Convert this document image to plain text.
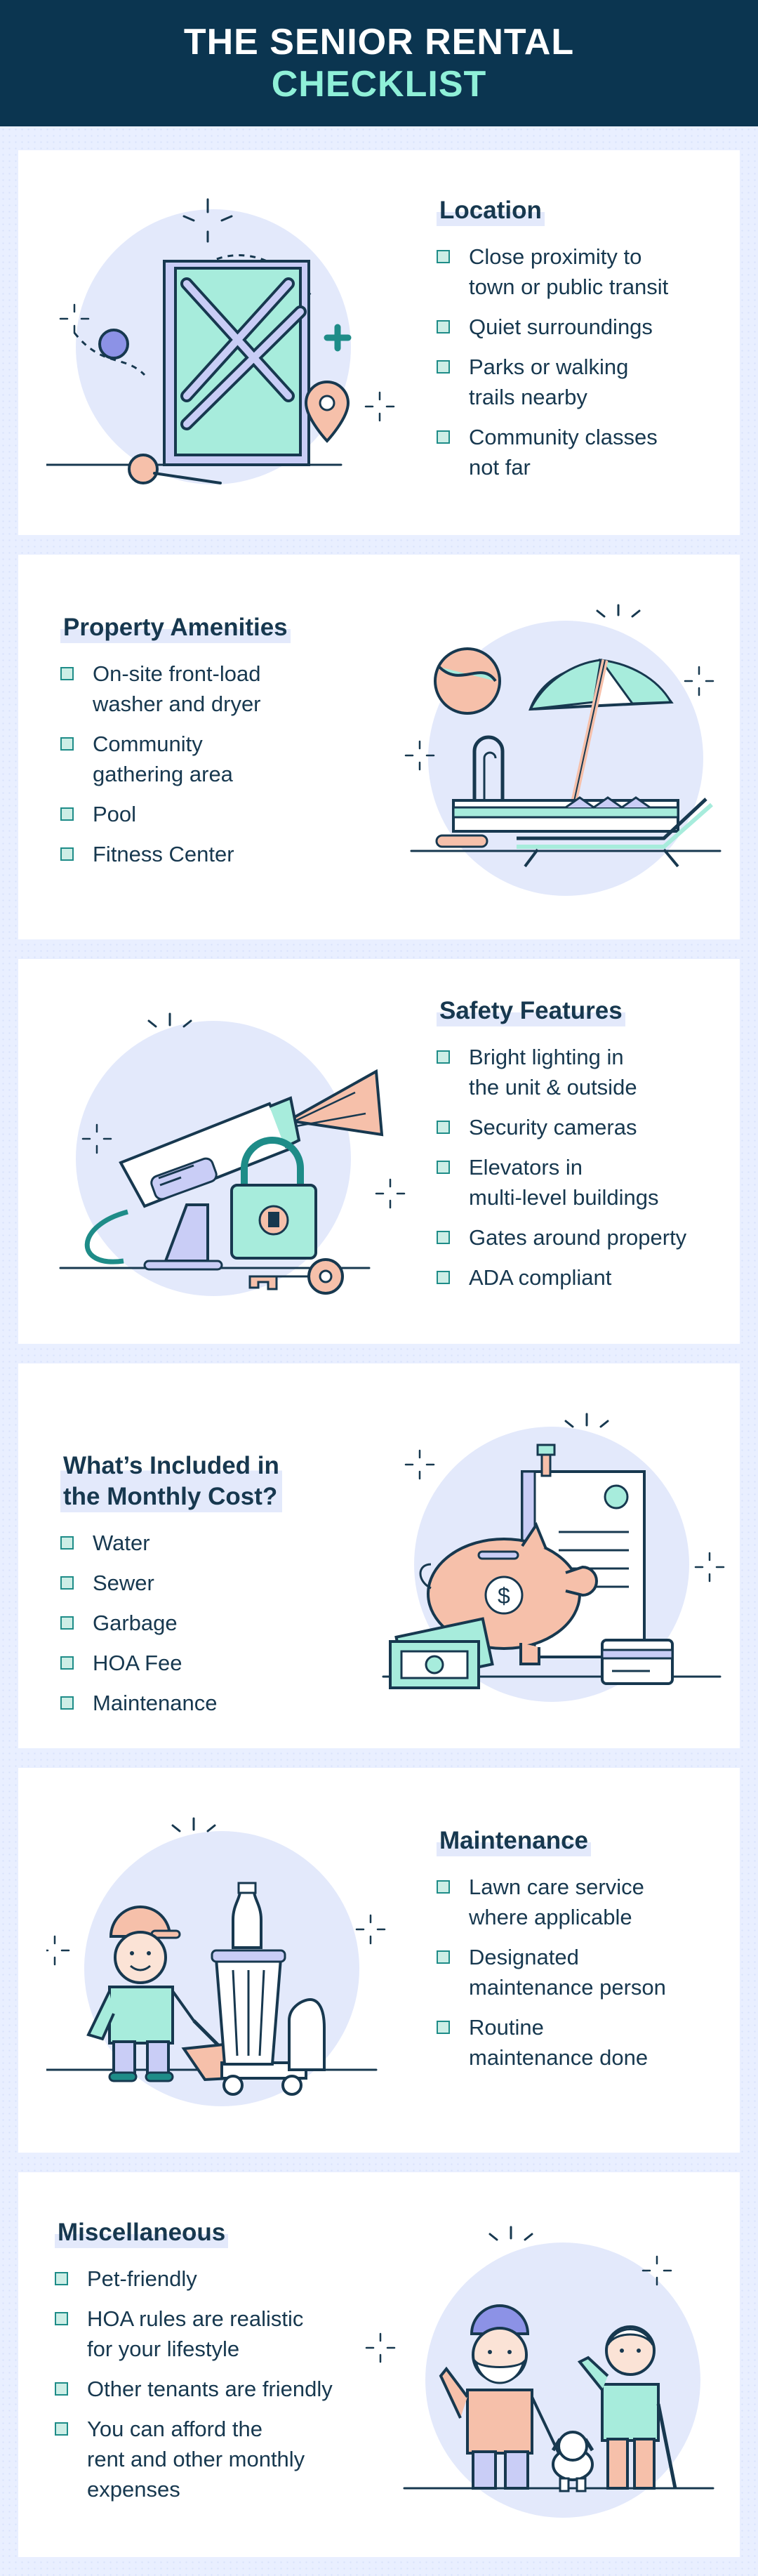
THE SENIOR RENTAL
CHECKLIST
Location
Close proximity to
town or public transit
Quiet surroundings
Parks or walking
trails nearby
Community classes
not far
Property Amenities
On-site front-load
washer and dryer
Community
gathering area
Pool
Fitness Center
Safety Features
Bright lighting in
the unit & outside
Security cameras
Elevators in
multi-level buildings
Gates around property
ADA compliant

What’s Included in
the Monthly Cost?

Water
Sewer
Garbage
HOA Fee
Maintenance
$
Maintenance
Lawn care service
where applicable
Designated
maintenance person
Routine
maintenance done
Miscellaneous
Pet-friendly
HOA rules are realistic
for your lifestyle
Other tenants are friendly
You can afford the
rent and other monthly
expenses
